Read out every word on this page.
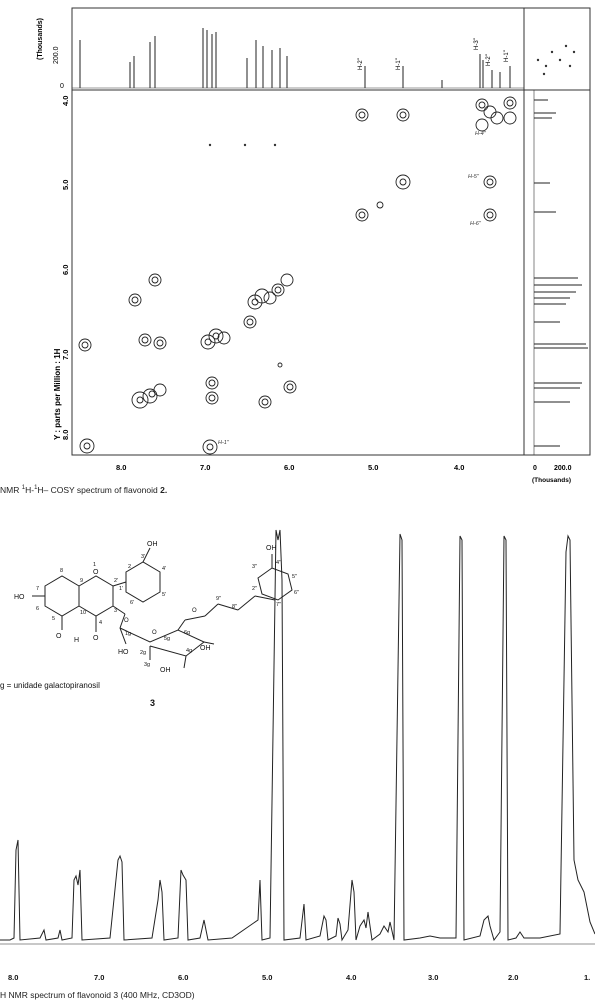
(Thousands)
0
200.0
H-2''	H-1''
H-3''
H-2'' H-1''
Y : parts per Million : 1H
4.0
5.0
6.0
7.0
8.0
8.0	7.0	6.0	5.0	4.0
H-4''
H-5''
H-6''
H-1''
0 200.0
(Thousands)
NMR $^1$H-$^1$H– COSY spectrum of flavonoid 2.
OH
OH
HO
O
1
2'
1'
2
3'
4'
5'
6'
8
7
9
6
5
10
4
3
O
O
H O
1g	O
5g
6g
HO 2g
3g
4g OH
OH
O
9''
8''	7''
2''
3''
4''
5''
6''
3
g = unidade galactopiranosil
8.0	7.0	6.0	5.0	4.0	3.0	2.0	1.
H NMR spectrum of flavonoid 3 (400 MHz, CD3OD)
